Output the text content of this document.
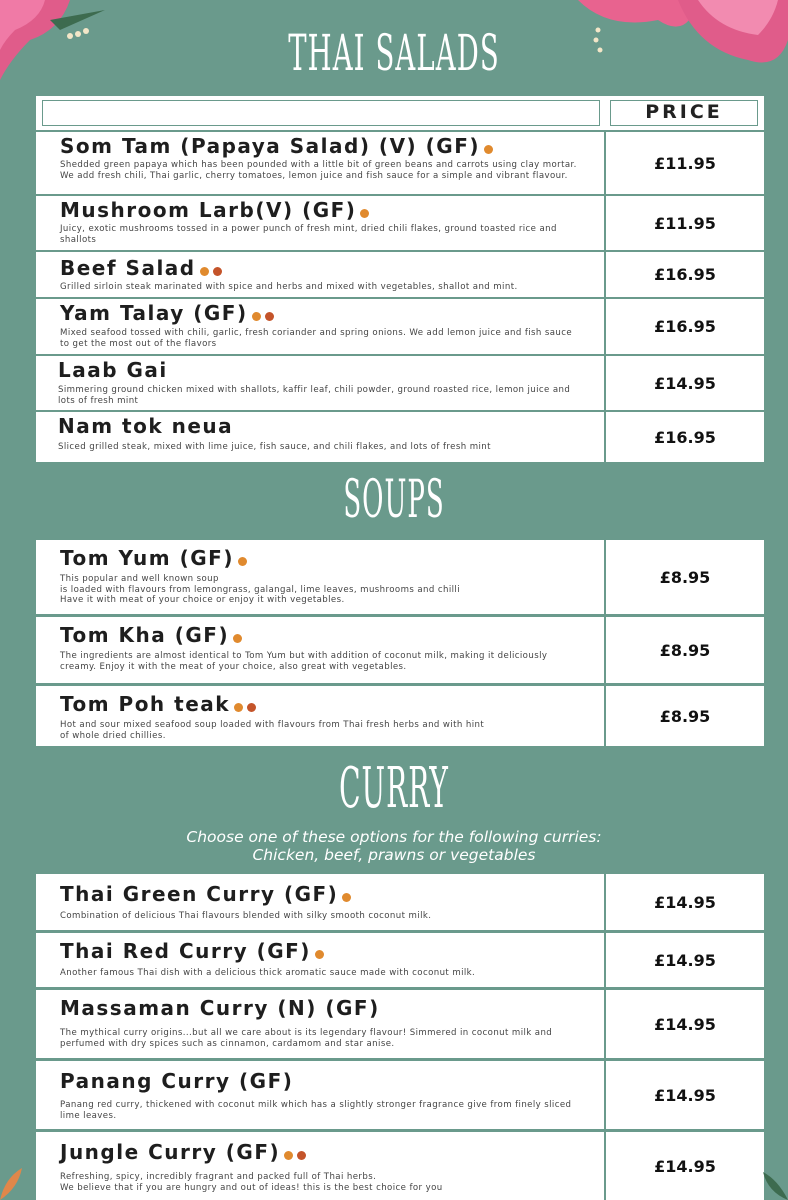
THAI SALADS
PRICE
Som Tam (Papaya Salad) (V) (GF)
Shedded green papaya which has been pounded with a little bit of green beans and carrots using clay mortar. We add fresh chili, Thai garlic, cherry tomatoes, lemon juice and fish sauce for a simple and vibrant flavour.
£11.95
Mushroom Larb(V) (GF)
Juicy, exotic mushrooms tossed in a power punch of fresh mint, dried chili flakes, ground toasted rice and shallots
£11.95
Beef Salad
Grilled sirloin steak marinated with spice and herbs and mixed with vegetables, shallot and mint.
£16.95
Yam Talay (GF)
Mixed seafood tossed with chili, garlic, fresh coriander and spring onions. We add lemon juice and fish sauce to get the most out of the flavors
£16.95
Laab Gai
Simmering ground chicken mixed with shallots, kaffir leaf, chili powder, ground roasted rice, lemon juice and lots of fresh mint
£14.95
Nam tok neua
Sliced grilled steak, mixed with lime juice, fish sauce, and chili flakes, and lots of fresh mint
£16.95
SOUPS
Tom Yum (GF)
This popular and well known soup
is loaded with flavours from lemongrass, galangal, lime leaves, mushrooms and chilli
Have it with meat of your choice or enjoy it with vegetables.
£8.95
Tom Kha (GF)
The ingredients are almost identical to Tom Yum but with addition of coconut milk, making it deliciously creamy. Enjoy it with the meat of your choice, also great with vegetables.
£8.95
Tom Poh teak
Hot and sour mixed seafood soup loaded with flavours from Thai fresh herbs and with hint
of whole dried chillies.
£8.95
CURRY
Choose one of these options for the following curries:
Chicken, beef, prawns or vegetables
Thai Green Curry (GF)
Combination of delicious Thai flavours blended with silky smooth coconut milk.
£14.95
Thai Red Curry (GF)
Another famous Thai dish with a delicious thick aromatic sauce made with coconut milk.
£14.95
Massaman Curry (N) (GF)
The mythical curry origins...but all we care about is its legendary flavour! Simmered in coconut milk and perfumed with dry spices such as cinnamon, cardamom and star anise.
£14.95
Panang Curry (GF)
Panang red curry, thickened with coconut milk which has a slightly stronger fragrance give from finely sliced lime leaves.
£14.95
Jungle Curry (GF)
Refreshing, spicy, incredibly fragrant and packed full of Thai herbs.
We believe that if you are hungry and out of ideas! this is the best choice for you
£14.95
